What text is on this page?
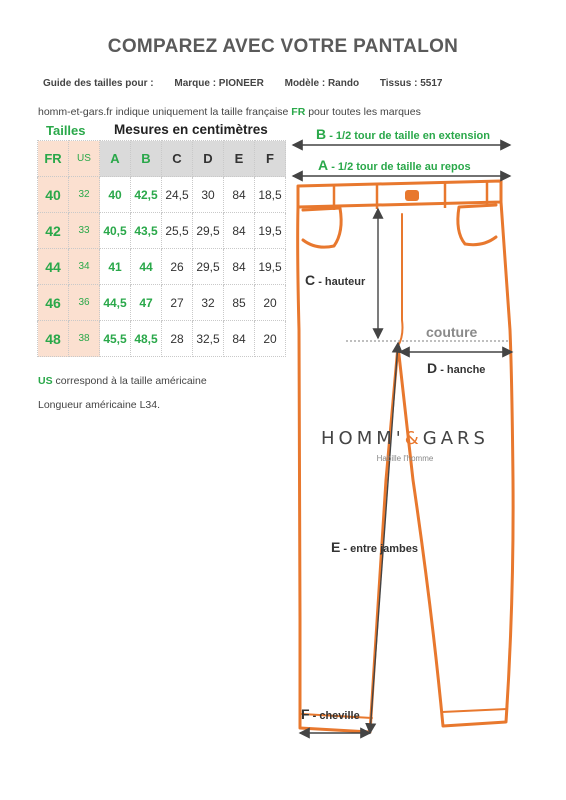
COMPAREZ AVEC VOTRE PANTALON
Guide des tailles pour : Marque : PIONEER Modèle : Rando Tissus : 5517
homm-et-gars.fr indique uniquement la taille française FR pour toutes les marques
Tailles Mesures en centimètres
FR	US	A	B	C	D	E	F
40	32	40	42,5	24,5	30	84	18,5
42	33	40,5	43,5	25,5	29,5	84	19,5
44	34	41	44	26	29,5	84	19,5
46	36	44,5	47	27	32	85	20
48	38	45,5	48,5	28	32,5	84	20
US correspond à la taille américaine
Longueur américaine L34.
B - 1/2 tour de taille en extension
A - 1/2 tour de taille au repos
C - hauteur
couture
D - hanche
E - entre jambes
F - cheville
HOMM'&GARS
Habille l'homme
